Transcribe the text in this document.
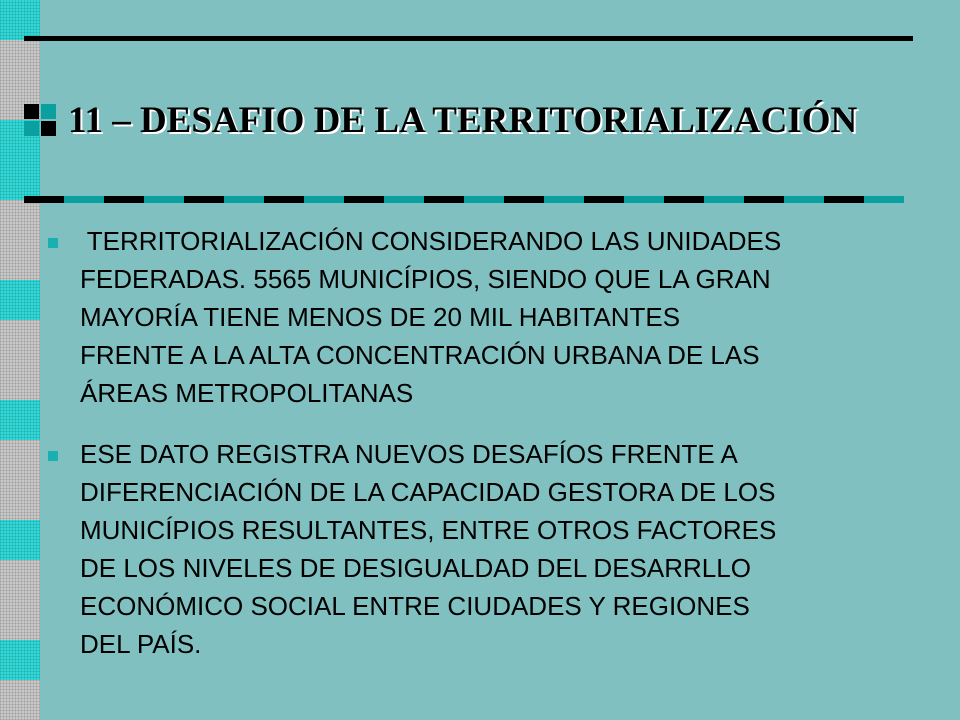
11 – DESAFIO DE LA TERRITORIALIZACIÓN
TERRITORIALIZACIÓN CONSIDERANDO LAS UNIDADES
FEDERADAS. 5565 MUNICÍPIOS, SIENDO QUE LA GRAN
MAYORÍA TIENE MENOS DE 20 MIL HABITANTES
FRENTE A LA ALTA CONCENTRACIÓN URBANA DE LAS
ÁREAS METROPOLITANAS
ESE DATO REGISTRA NUEVOS DESAFÍOS FRENTE A
DIFERENCIACIÓN DE LA CAPACIDAD GESTORA DE LOS
MUNICÍPIOS RESULTANTES, ENTRE OTROS FACTORES
DE LOS NIVELES DE DESIGUALDAD DEL DESARRLLO
ECONÓMICO SOCIAL ENTRE CIUDADES Y REGIONES
DEL PAÍS.
